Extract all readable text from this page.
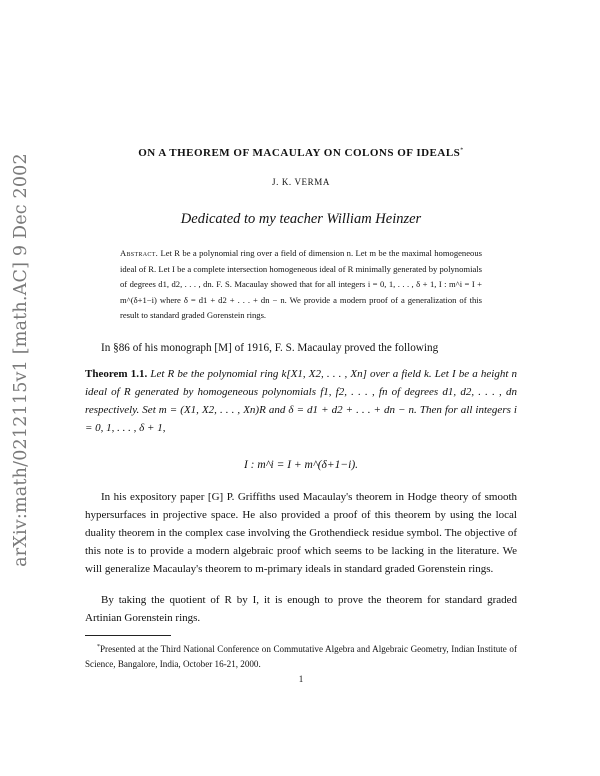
arXiv:math/0212115v1 [math.AC] 9 Dec 2002
ON A THEOREM OF MACAULAY ON COLONS OF IDEALS*
J. K. VERMA
Dedicated to my teacher William Heinzer
Abstract. Let R be a polynomial ring over a field of dimension n. Let m be the maximal homogeneous ideal of R. Let I be a complete intersection homogeneous ideal of R minimally generated by polynomials of degrees d1, d2, . . . , dn. F. S. Macaulay showed that for all integers i = 0, 1, . . . , δ + 1, I : m^i = I + m^(δ+1−i) where δ = d1 + d2 + . . . + dn − n. We provide a modern proof of a generalization of this result to standard graded Gorenstein rings.
In §86 of his monograph [M] of 1916, F. S. Macaulay proved the following
Theorem 1.1. Let R be the polynomial ring k[X1, X2, . . . , Xn] over a field k. Let I be a height n ideal of R generated by homogeneous polynomials f1, f2, . . . , fn of degrees d1, d2, . . . , dn respectively. Set m = (X1, X2, . . . , Xn)R and δ = d1 + d2 + . . . + dn − n. Then for all integers i = 0, 1, . . . , δ + 1,
I : m^i = I + m^(δ+1−i).
In his expository paper [G] P. Griffiths used Macaulay's theorem in Hodge theory of smooth hypersurfaces in projective space. He also provided a proof of this theorem by using the local duality theorem in the complex case involving the Grothendieck residue symbol. The objective of this note is to provide a modern algebraic proof which seems to be lacking in the literature. We will generalize Macaulay's theorem to m-primary ideals in standard graded Gorenstein rings.
By taking the quotient of R by I, it is enough to prove the theorem for standard graded Artinian Gorenstein rings.
*Presented at the Third National Conference on Commutative Algebra and Algebraic Geometry, Indian Institute of Science, Bangalore, India, October 16-21, 2000.
1
